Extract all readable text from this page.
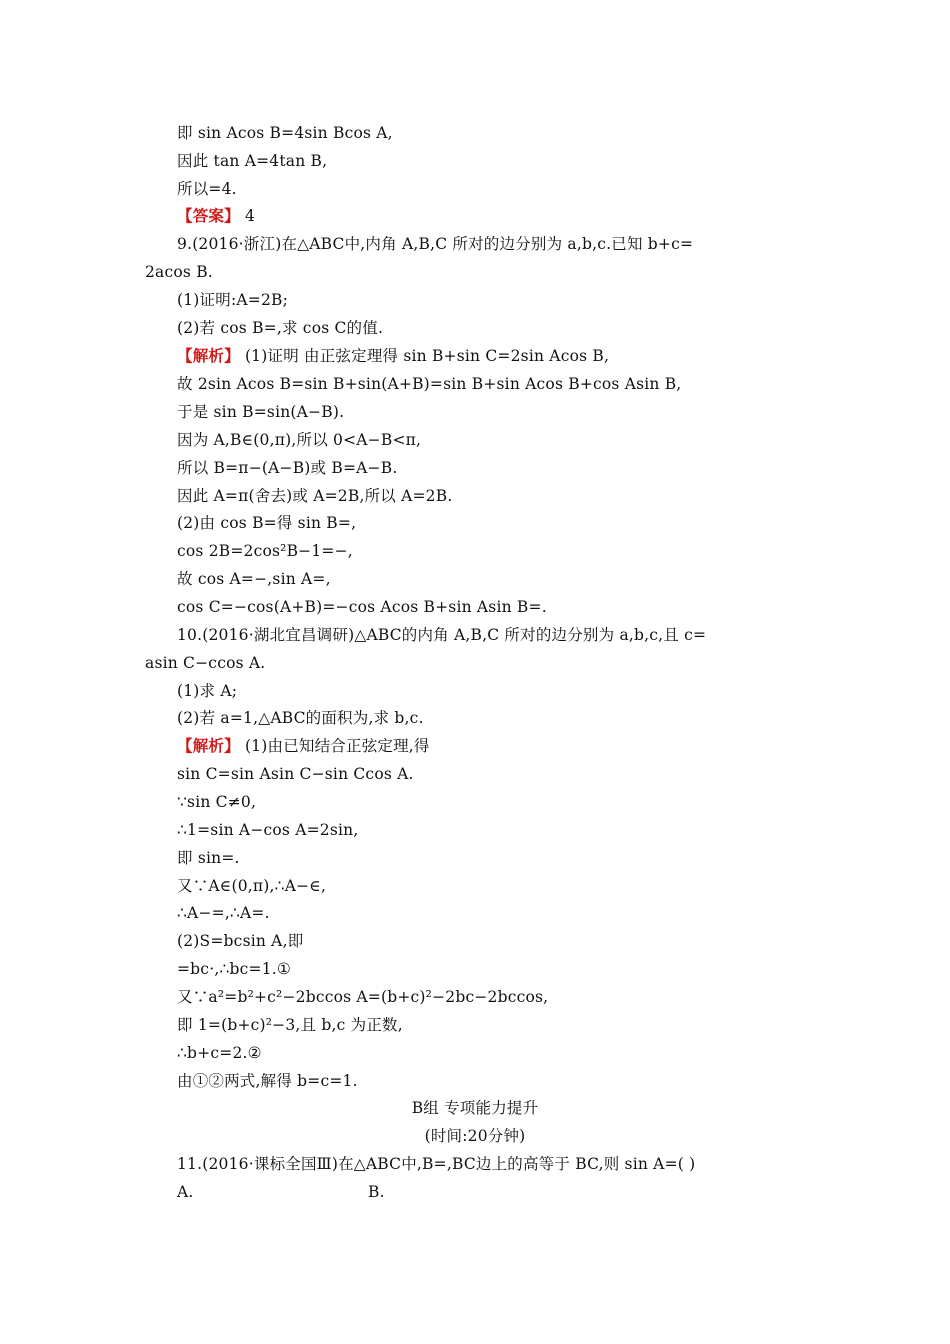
即 sin Acos B=4sin Bcos A,
因此 tan A=4tan B,
所以=4.
【答案】 4
9.(2016·浙江)在△ABC中,内角 A,B,C 所对的边分别为 a,b,c.已知 b+c=
2acos B.
(1)证明:A=2B;
(2)若 cos B=,求 cos C的值.
【解析】 (1)证明 由正弦定理得 sin B+sin C=2sin Acos B,
故 2sin Acos B=sin B+sin(A+B)=sin B+sin Acos B+cos Asin B,
于是 sin B=sin(A−B).
因为 A,B∈(0,π),所以 0<A−B<π,
所以 B=π−(A−B)或 B=A−B.
因此 A=π(舍去)或 A=2B,所以 A=2B.
(2)由 cos B=得 sin B=,
cos 2B=2cos²B−1=−,
故 cos A=−,sin A=,
cos C=−cos(A+B)=−cos Acos B+sin Asin B=.
10.(2016·湖北宜昌调研)△ABC的内角 A,B,C 所对的边分别为 a,b,c,且 c=
asin C−ccos A.
(1)求 A;
(2)若 a=1,△ABC的面积为,求 b,c.
【解析】 (1)由已知结合正弦定理,得
sin C=sin Asin C−sin Ccos A.
∵sin C≠0,
∴1=sin A−cos A=2sin,
即 sin=.
又∵A∈(0,π),∴A−∈,
∴A−=,∴A=.
(2)S=bcsin A,即
=bc·,∴bc=1.①
又∵a²=b²+c²−2bccos A=(b+c)²−2bc−2bccos,
即 1=(b+c)²−3,且 b,c 为正数,
∴b+c=2.②
由①②两式,解得 b=c=1.
B组 专项能力提升
(时间:20分钟)
11.(2016·课标全国Ⅲ)在△ABC中,B=,BC边上的高等于 BC,则 sin A=( )
A.	B.
